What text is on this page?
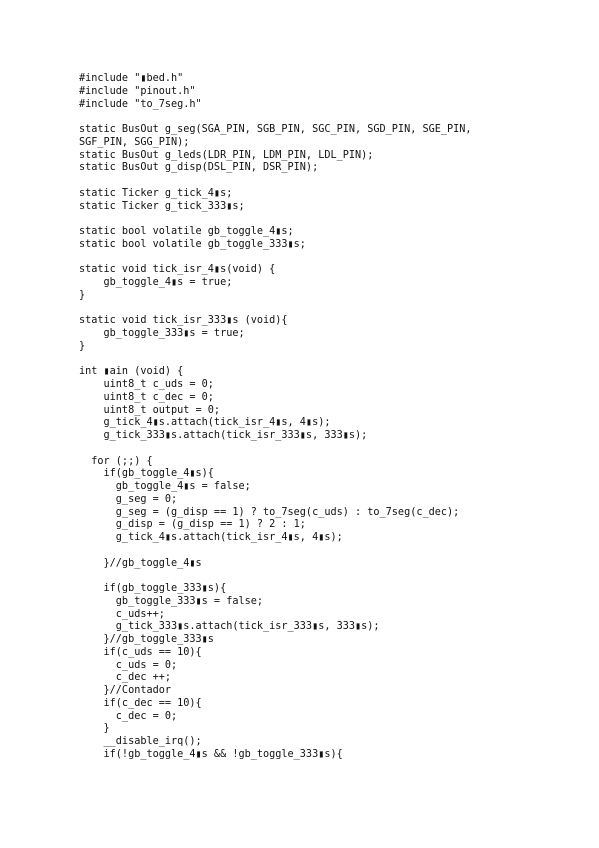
#include "▮bed.h"
#include "pinout.h"
#include "to_7seg.h"
static BusOut g_seg(SGA_PIN, SGB_PIN, SGC_PIN, SGD_PIN, SGE_PIN,
SGF_PIN, SGG_PIN);
static BusOut g_leds(LDR_PIN, LDM_PIN, LDL_PIN);
static BusOut g_disp(DSL_PIN, DSR_PIN);
static Ticker g_tick_4▮s;
static Ticker g_tick_333▮s;
static bool volatile gb_toggle_4▮s;
static bool volatile gb_toggle_333▮s;
static void tick_isr_4▮s(void) {
gb_toggle_4▮s = true;
}
static void tick_isr_333▮s (void){
gb_toggle_333▮s = true;
}
int ▮ain (void) {
uint8_t c_uds = 0;
uint8_t c_dec = 0;
uint8_t output = 0;
g_tick_4▮s.attach(tick_isr_4▮s, 4▮s);
g_tick_333▮s.attach(tick_isr_333▮s, 333▮s);
for (;;) {
if(gb_toggle_4▮s){
gb_toggle_4▮s = false;
g_seg = 0;
g_seg = (g_disp == 1) ? to_7seg(c_uds) : to_7seg(c_dec);
g_disp = (g_disp == 1) ? 2 : 1;
g_tick_4▮s.attach(tick_isr_4▮s, 4▮s);
}//gb_toggle_4▮s
if(gb_toggle_333▮s){
gb_toggle_333▮s = false;
c_uds++;
g_tick_333▮s.attach(tick_isr_333▮s, 333▮s);
}//gb_toggle_333▮s
if(c_uds == 10){
c_uds = 0;
c_dec ++;
}//Contador
if(c_dec == 10){
c_dec = 0;
}
__disable_irq();
if(!gb_toggle_4▮s && !gb_toggle_333▮s){
